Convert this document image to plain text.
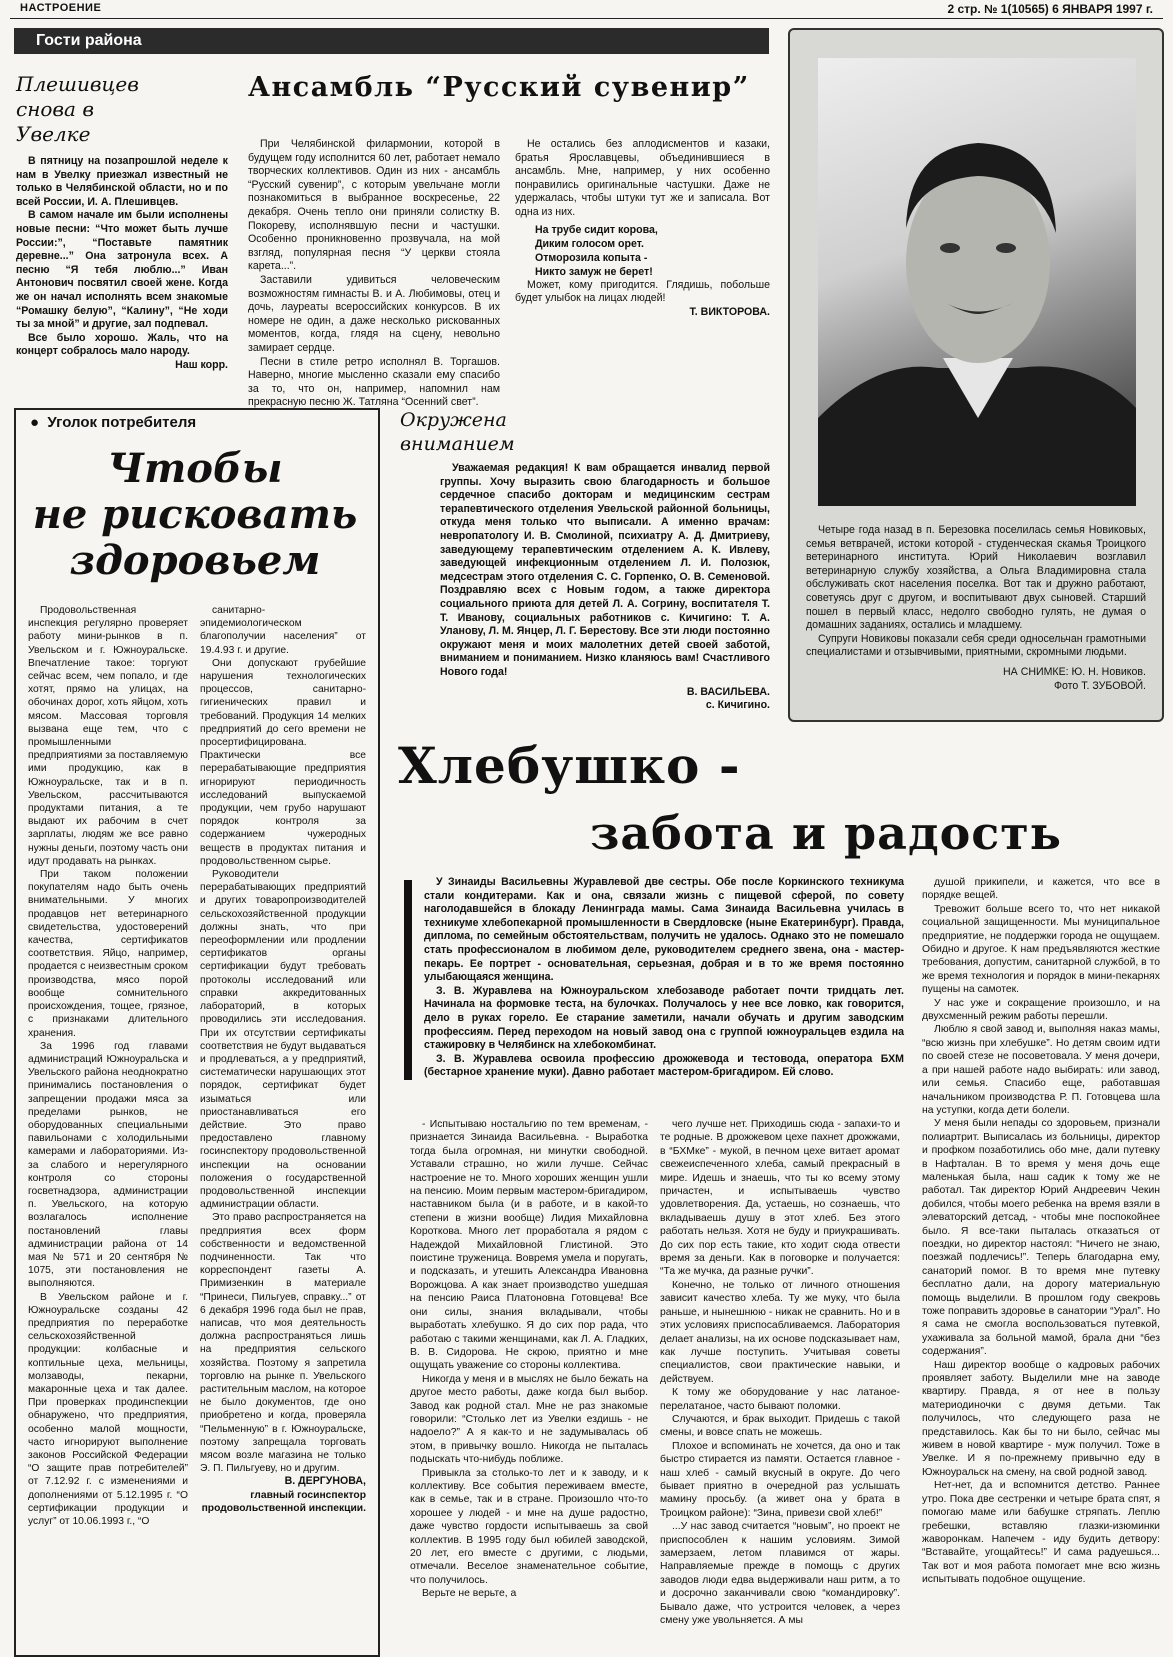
НАСТРОЕНИЕ	2 стр. № 1(10565) 6 ЯНВАРЯ 1997 г.
Гости района
Плешивцев снова в Увелке
Ансамбль “Русский сувенир”

В пятницу на позапрошлой неделе к нам в Увелку приезжал известный не только в Челябинской области, но и по всей России, И. А. Плешивцев.

В самом начале им были исполнены новые песни: “Что может быть лучше России:”, “Поставьте памятник деревне...” Она затронула всех. А песню “Я тебя люблю...” Иван Антонович посвятил своей жене. Когда же он начал исполнять всем знакомые “Ромашку белую”, “Калину”, “Не ходи ты за мной” и другие, зал подпевал.

Все было хорошо. Жаль, что на концерт собралось мало народу.

Наш корр.

При Челябинской филармонии, которой в будущем году исполнится 60 лет, работает немало творческих коллективов. Один из них - ансамбль “Русский сувенир”, с которым увельчане могли познакомиться в выбранное воскресенье, 22 декабря. Очень тепло они приняли солистку В. Покореву, исполнявшую песни и частушки. Особенно проникновенно прозвучала, на мой взгляд, популярная песня “У церкви стояла карета...”.

Заставили удивиться человеческим возможностям гимнасты В. и А. Любимовы, отец и дочь, лауреаты всероссийских конкурсов. В их номере не один, а даже несколько рискованных моментов, когда, глядя на сцену, невольно замирает сердце.

Песни в стиле ретро исполнял В. Торгашов. Наверно, многие мысленно сказали ему спасибо за то, что он, например, напомнил нам прекрасную песню Ж. Татляна “Осенний свет”.

Не остались без аплодисментов и казаки, братья Ярославцевы, объединившиеся в ансамбль. Мне, например, у них особенно понравились оригинальные частушки. Даже не удержалась, чтобы штуки тут же и записала. Вот одна из них.

На трубе сидит корова,
Диким голосом орет.
Отморозила копыта -
Никто замуж не берет!

Может, кому пригодится. Глядишь, побольше будет улыбок на лицах людей!

Т. ВИКТОРОВА.

Четыре года назад в п. Березовка поселилась семья Новиковых, семья ветврачей, истоки которой - студенческая скамья Троицкого ветеринарного института. Юрий Николаевич возглавил ветеринарную службу хозяйства, а Ольга Владимировна стала обслуживать скот населения поселка. Вот так и дружно работают, советуясь друг с другом, и воспитывают двух сыновей. Старший пошел в первый класс, недолго свободно гулять, не думая о домашних заданиях, остались и младшему.

Супруги Новиковы показали себя среди односельчан грамотными специалистами и отзывчивыми, приятными, скромными людьми.

НА СНИМКЕ: Ю. Н. Новиков.
Фото Т. ЗУБОВОЙ.
●  Уголок потребителя
Чтобы
не рисковать
здоровьем

Продовольственная инспекция регулярно проверяет работу мини-рынков в п. Увельском и г. Южноуральске. Впечатление такое: торгуют сейчас всем, чем попало, и где хотят, прямо на улицах, на обочинах дорог, хоть яйцом, хоть мясом. Массовая торговля вызвана еще тем, что с промышленными предприятиями за поставляемую ими продукцию, как в Южноуральске, так и в п. Увельском, рассчитываются продуктами питания, а те выдают их рабочим в счет зарплаты, людям же все равно нужны деньги, поэтому часть они идут продавать на рынках.

При таком положении покупателям надо быть очень внимательными. У многих продавцов нет ветеринарного свидетельства, удостоверений качества, сертификатов соответствия. Яйцо, например, продается с неизвестным сроком производства, мясо порой вообще сомнительного происхождения, тощее, грязное, с признаками длительного хранения.

За 1996 год главами администраций Южноуральска и Увельского района неоднократно принимались постановления о запрещении продажи мяса за пределами рынков, не оборудованных специальными павильонами с холодильными камерами и лабораториями. Из-за слабого и нерегулярного контроля со стороны госветнадзора, администрации п. Увельского, на которую возлагалось исполнение постановлений главы администрации района от 14 мая № 571 и 20 сентября № 1075, эти постановления не выполняются.

В Увельском районе и г. Южноуральске созданы 42 предприятия по переработке сельскохозяйственной продукции: колбасные и коптильные цеха, мельницы, молзаводы, пекарни, макаронные цеха и так далее. При проверках продинспекции обнаружено, что предприятия, особенно малой мощности, часто игнорируют выполнение законов Российской Федерации “О защите прав потребителей” от 7.12.92 г. с изменениями и дополнениями от 5.12.1995 г. “О сертификации продукции и услуг” от 10.06.1993 г., “О

санитарно-эпидемиологическом благополучии населения” от 19.4.93 г. и другие.

Они допускают грубейшие нарушения технологических процессов, санитарно-гигиенических правил и требований. Продукция 14 мелких предприятий до сего времени не просертифицирована. Практически все перерабатывающие предприятия игнорируют периодичность исследований выпускаемой продукции, чем грубо нарушают порядок контроля за содержанием чужеродных веществ в продуктах питания и продовольственном сырье.

Руководители перерабатывающих предприятий и других товаропроизводителей сельскохозяйственной продукции должны знать, что при переоформлении или продлении сертификатов органы сертификации будут требовать протоколы исследований или справки аккредитованных лабораторий, в которых проводились эти исследования. При их отсутствии сертификаты соответствия не будут выдаваться и продлеваться, а у предприятий, систематически нарушающих этот порядок, сертификат будет изыматься или приостанавливаться его действие. Это право предоставлено главному госинспектору продовольственной инспекции на основании положения о государственной продовольственной инспекции администрации области.

Это право распространяется на предприятия всех форм собственности и ведомственной подчиненности. Так что корреспондент газеты А. Примизенкин в материале “Принеси, Пильгуев, справку...” от 6 декабря 1996 года был не прав, написав, что моя деятельность должна распространяться лишь на предприятия сельского хозяйства. Поэтому я запретила торговлю на рынке п. Увельского растительным маслом, на которое не было документов, где оно приобретено и когда, проверяла “Пельменную” в г. Южноуральске, поэтому запрещала торговать мясом возле магазина не только Э. П. Пильгуеву, но и другим.

В. ДЕРГУНОВА,
главный госинспектор продовольственной инспекции.
Окружена вниманием

Уважаемая редакция! К вам обращается инвалид первой группы. Хочу выразить свою благодарность и большое сердечное спасибо докторам и медицинским сестрам терапевтического отделения Увельской районной больницы, откуда меня только что выписали. А именно врачам: невропатологу И. В. Смолиной, психиатру А. Д. Дмитриеву, заведующему терапевтическим отделением А. К. Ивлеву, заведующей инфекционным отделением Л. И. Полозюк, медсестрам этого отделения С. С. Горпенко, О. В. Семеновой. Поздравляю всех с Новым годом, а также директора социального приюта для детей Л. А. Согрину, воспитателя Т. Т. Иванову, социальных работников с. Кичигино: Т. А. Уланову, Л. М. Янцер, Л. Г. Берестову. Все эти люди постоянно окружают меня и моих малолетних детей своей заботой, вниманием и пониманием. Низко кланяюсь вам! Счастливого Нового года!

В. ВАСИЛЬЕВА.
с. Кичигино.
Хлебушко -
забота и радость

У Зинаиды Васильевны Журавлевой две сестры. Обе после Коркинского техникума стали кондитерами. Как и она, связали жизнь с пищевой сферой, по совету наголодавшейся в блокаду Ленинграда мамы. Сама Зинаида Васильевна училась в техникуме хлебопекарной промышленности в Свердловске (ныне Екатеринбург). Правда, диплома, по семейным обстоятельствам, получить не удалось. Однако это не помешало стать профессионалом в любимом деле, руководителем среднего звена, она - мастер-пекарь. Ее портрет - основательная, серьезная, добрая и в то же время постоянно улыбающаяся женщина.

З. В. Журавлева на Южноуральском хлебозаводе работает почти тридцать лет. Начинала на формовке теста, на булочках. Получалось у нее все ловко, как говорится, дело в руках горело. Ее старание заметили, начали обучать и другим заводским профессиям. Перед переходом на новый завод она с группой южноуральцев ездила на стажировку в Челябинск на хлебокомбинат.

З. В. Журавлева освоила профессию дрожжевода и тестовода, оператора БХМ (бестарное хранение муки). Давно работает мастером-бригадиром. Ей слово.

- Испытываю ностальгию по тем временам, - признается Зинаида Васильевна. - Выработка тогда была огромная, ни минутки свободной. Уставали страшно, но жили лучше. Сейчас настроение не то. Много хороших женщин ушли на пенсию. Моим первым мастером-бригадиром, наставником была (и в работе, и в какой-то степени в жизни вообще) Лидия Михайловна Короткова. Много лет проработала я рядом с Надеждой Михайловной Глистиной. Это поистине труженица. Вовремя умела и поругать, и подсказать, и утешить Александра Ивановна Ворожцова. А как знает производство ушедшая на пенсию Раиса Платоновна Готовцева! Все они силы, знания вкладывали, чтобы выработать хлебушко. Я до сих пор рада, что работаю с такими женщинами, как Л. А. Гладких, В. В. Сидорова. Не скрою, приятно и мне ощущать уважение со стороны коллектива.

Никогда у меня и в мыслях не было бежать на другое место работы, даже когда был выбор. Завод как родной стал. Мне не раз знакомые говорили: “Столько лет из Увелки ездишь - не надоело?” А я как-то и не задумывалась об этом, в привычку вошло. Никогда не пыталась подыскать что-нибудь поближе.

Привыкла за столько-то лет и к заводу, и к коллективу. Все события переживаем вместе, как в семье, так и в стране. Произошло что-то хорошее у людей - и мне на душе радостно, даже чувство гордости испытываешь за свой коллектив. В 1995 году был юбилей заводской, 20 лет, его вместе с другими, с людьми, отмечали. Веселое знаменательное событие, что получилось.

Верьте не верьте, а

чего лучше нет. Приходишь сюда - запахи-то и те родные. В дрожжевом цехе пахнет дрожжами, в “БХМке” - мукой, в печном цехе витает аромат свежеиспеченного хлеба, самый прекрасный в мире. Идешь и знаешь, что ты ко всему этому причастен, и испытываешь чувство удовлетворения. Да, устаешь, но сознаешь, что вкладываешь душу в этот хлеб. Без этого работать нельзя. Хотя не буду и приукрашивать. До сих пор есть такие, кто ходит сюда отвести время за деньги. Как в поговорке и получается: “Та же мучка, да разные ручки”.

Конечно, не только от личного отношения зависит качество хлеба. Ту же муку, что была раньше, и нынешнюю - никак не сравнить. Но и в этих условиях приспосабливаемся. Лаборатория делает анализы, на их основе подсказывает нам, как лучше поступить. Учитывая советы специалистов, свои практические навыки, и действуем.

К тому же оборудование у нас латаное-перелатаное, часто бывают поломки.

Случаются, и брак выходит. Придешь с такой смены, и вовсе спать не можешь.

Плохое и вспоминать не хочется, да оно и так быстро стирается из памяти. Остается главное - наш хлеб - самый вкусный в округе. До чего бывает приятно в очередной раз услышать мамину просьбу. (а живет она у брата в Троицком районе): “Зина, привези свой хлеб!”

...У нас завод считается “новым”, но проект не приспособлен к нашим условиям. Зимой замерзаем, летом плавимся от жары. Направляемые прежде в помощь с других заводов люди едва выдерживали наш ритм, а то и досрочно заканчивали свою “командировку”. Бывало даже, что устроится человек, а через смену уже увольняется. А мы

душой прикипели, и кажется, что все в порядке вещей.

Тревожит больше всего то, что нет никакой социальной защищенности. Мы муниципальное предприятие, не поддержки города не ощущаем. Обидно и другое. К нам предъявляются жесткие требования, допустим, санитарной службой, в то же время технология и порядок в мини-пекарнях пущены на самотек.

У нас уже и сокращение произошло, и на двухсменный режим работы перешли.

Люблю я свой завод и, выполняя наказ мамы, “всю жизнь при хлебушке”. Но детям своим идти по своей стезе не посоветовала. У меня дочери, а при нашей работе надо выбирать: или завод, или семья. Спасибо еще, работавшая начальником производства Р. П. Готовцева шла на уступки, когда дети болели.

У меня были непады со здоровьем, признали полиартрит. Выписалась из больницы, директор и профком позаботились обо мне, дали путевку в Нафталан. В то время у меня дочь еще маленькая была, наш садик к тому же не работал. Так директор Юрий Андреевич Чекин добился, чтобы моего ребенка на время взяли в элеваторский детсад, - чтобы мне поспокойнее было. Я все-таки пыталась отказаться от поездки, но директор настоял: “Ничего не знаю, поезжай подлечись!”. Теперь благодарна ему, санаторий помог. В то время мне путевку бесплатно дали, на дорогу материальную помощь выделили. В прошлом году свекровь тоже поправить здоровье в санатории “Урал”. Но я сама не смогла воспользоваться путевкой, ухаживала за больной мамой, брала дни “без содержания”.

Наш директор вообще о кадровых рабочих проявляет заботу. Выделили мне на заводе квартиру. Правда, я от нее в пользу материодиночки с двумя детьми. Так получилось, что следующего раза не представилось. Как бы то ни было, сейчас мы живем в новой квартире - муж получил. Тоже в Увелке. И я по-прежнему привычно еду в Южноуральск на смену, на свой родной завод.

Нет-нет, да и вспомнится детство. Раннее утро. Пока две сестренки и четыре брата спят, я помогаю маме или бабушке стряпать. Леплю гребешки, вставляю глазки-изюминки жаворонкам. Напечем - иду будить детвору: “Вставайте, угощайтесь!” И сама радуешься... Так вот и моя работа помогает мне всю жизнь испытывать подобное ощущение.
